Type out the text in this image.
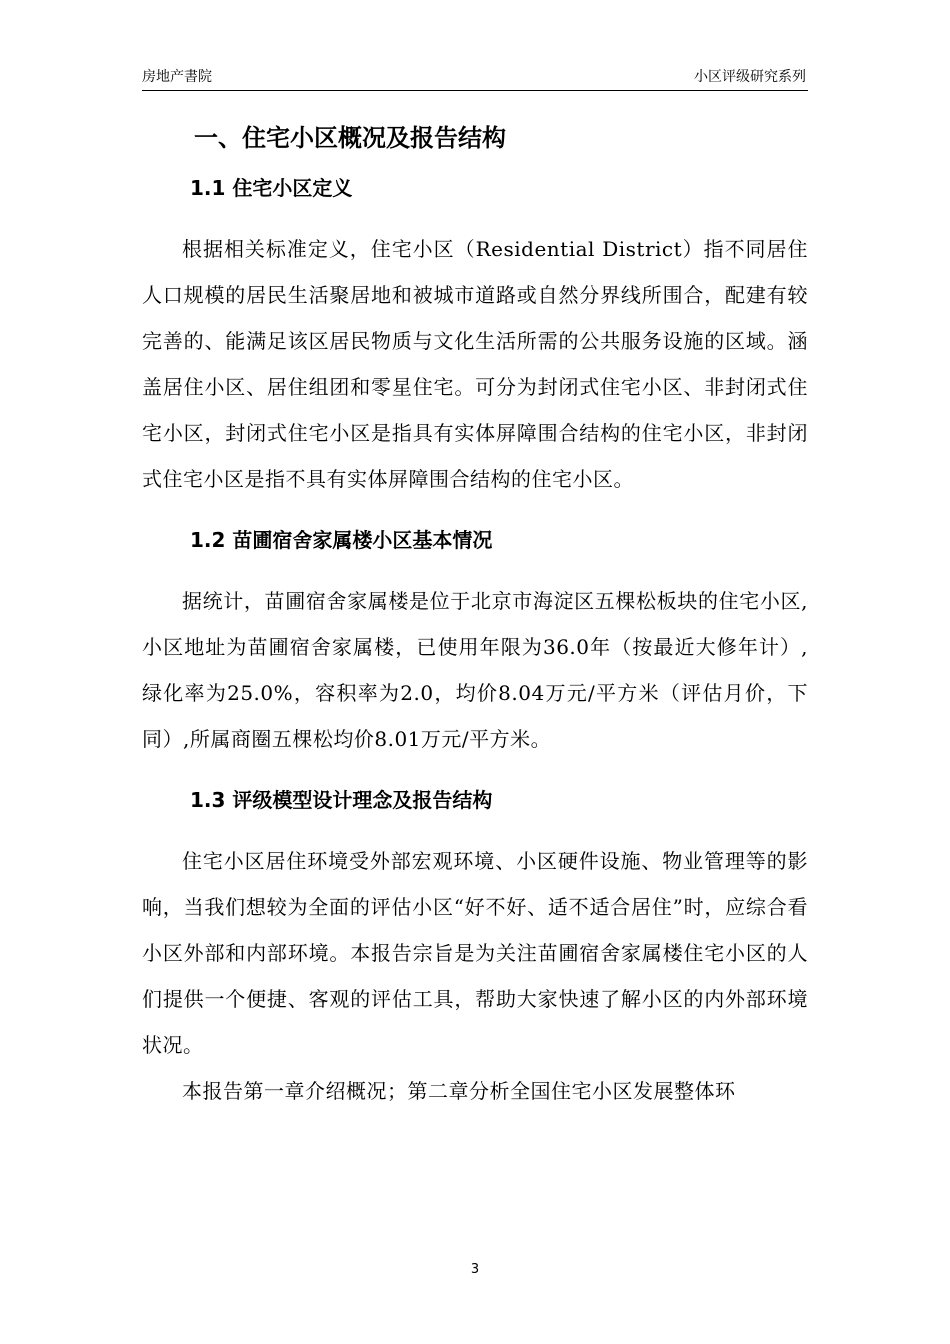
房地产書院	小区评级研究系列
一、住宅小区概况及报告结构
1.1 住宅小区定义

根据相关标准定义，住宅小区（Residential District）指不同居住人口规模的居民生活聚居地和被城市道路或自然分界线所围合，配建有较完善的、能满足该区居民物质与文化生活所需的公共服务设施的区域。涵盖居住小区、居住组团和零星住宅。可分为封闭式住宅小区、非封闭式住宅小区，封闭式住宅小区是指具有实体屏障围合结构的住宅小区，非封闭式住宅小区是指不具有实体屏障围合结构的住宅小区。

1.2 苗圃宿舍家属楼小区基本情况

据统计，苗圃宿舍家属楼是位于北京市海淀区五棵松板块的住宅小区,小区地址为苗圃宿舍家属楼，已使用年限为36.0年（按最近大修年计）,绿化率为25.0%，容积率为2.0，均价8.04万元/平方米（评估月价，下同）,所属商圈五棵松均价8.01万元/平方米。

1.3 评级模型设计理念及报告结构

住宅小区居住环境受外部宏观环境、小区硬件设施、物业管理等的影响，当我们想较为全面的评估小区“好不好、适不适合居住”时，应综合看小区外部和内部环境。本报告宗旨是为关注苗圃宿舍家属楼住宅小区的人们提供一个便捷、客观的评估工具，帮助大家快速了解小区的内外部环境状况。

本报告第一章介绍概况；第二章分析全国住宅小区发展整体环

3
